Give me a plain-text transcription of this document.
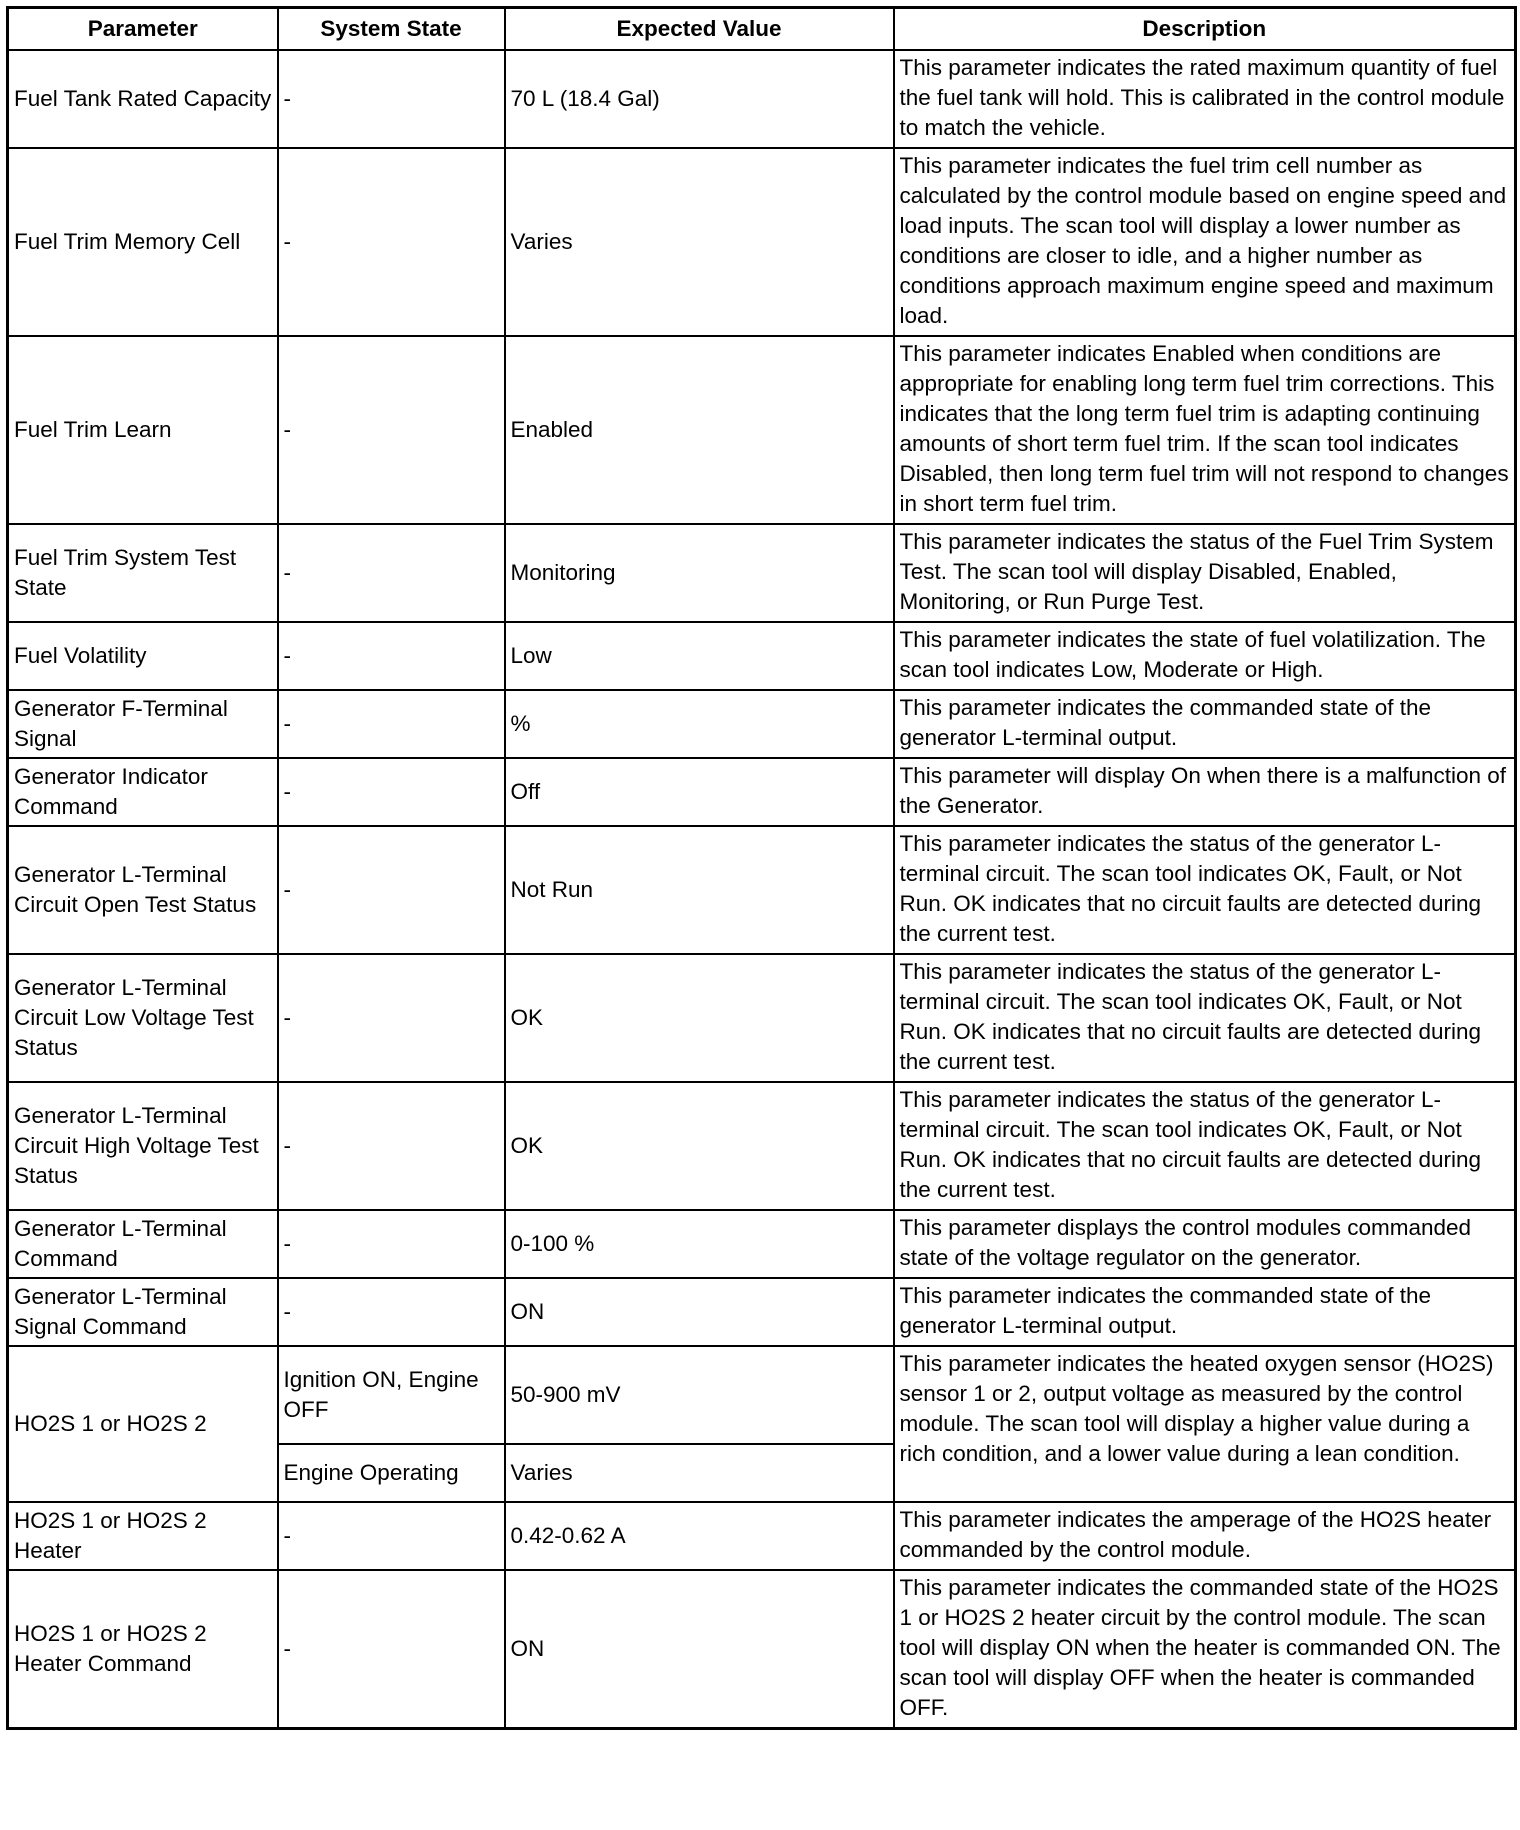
Parameter	System State	Expected Value	Description
Fuel Tank Rated Capacity	-	70 L (18.4 Gal)	This parameter indicates the rated maximum quantity of fuel the fuel tank will hold. This is calibrated in the control module to match the vehicle.
Fuel Trim Memory Cell	-	Varies	This parameter indicates the fuel trim cell number as calculated by the control module based on engine speed and load inputs. The scan tool will display a lower number as conditions are closer to idle, and a higher number as conditions approach maximum engine speed and maximum load.
Fuel Trim Learn	-	Enabled	This parameter indicates Enabled when conditions are appropriate for enabling long term fuel trim corrections. This indicates that the long term fuel trim is adapting continuing amounts of short term fuel trim. If the scan tool indicates Disabled, then long term fuel trim will not respond to changes in short term fuel trim.
Fuel Trim System Test State	-	Monitoring	This parameter indicates the status of the Fuel Trim System Test. The scan tool will display Disabled, Enabled, Monitoring, or Run Purge Test.
Fuel Volatility	-	Low	This parameter indicates the state of fuel volatilization. The scan tool indicates Low, Moderate or High.
Generator F-Terminal Signal	-	%	This parameter indicates the commanded state of the generator L-terminal output.
Generator Indicator Command	-	Off	This parameter will display On when there is a malfunction of the Generator.
Generator L-Terminal Circuit Open Test Status	-	Not Run	This parameter indicates the status of the generator L-terminal circuit. The scan tool indicates OK, Fault, or Not Run. OK indicates that no circuit faults are detected during the current test.
Generator L-Terminal Circuit Low Voltage Test Status	-	OK	This parameter indicates the status of the generator L-terminal circuit. The scan tool indicates OK, Fault, or Not Run. OK indicates that no circuit faults are detected during the current test.
Generator L-Terminal Circuit High Voltage Test Status	-	OK	This parameter indicates the status of the generator L-terminal circuit. The scan tool indicates OK, Fault, or Not Run. OK indicates that no circuit faults are detected during the current test.
Generator L-Terminal Command	-	0-100 %	This parameter displays the control modules commanded state of the voltage regulator on the generator.
Generator L-Terminal Signal Command	-	ON	This parameter indicates the commanded state of the generator L-terminal output.
HO2S 1 or HO2S 2	Ignition ON, Engine OFF	50-900 mV	This parameter indicates the heated oxygen sensor (HO2S) sensor 1 or 2, output voltage as measured by the control module. The scan tool will display a higher value during a rich condition, and a lower value during a lean condition.
	Engine Operating	Varies	
HO2S 1 or HO2S 2 Heater	-	0.42-0.62 A	This parameter indicates the amperage of the HO2S heater commanded by the control module.
HO2S 1 or HO2S 2 Heater Command	-	ON	This parameter indicates the commanded state of the HO2S 1 or HO2S 2 heater circuit by the control module. The scan tool will display ON when the heater is commanded ON. The scan tool will display OFF when the heater is commanded OFF.
